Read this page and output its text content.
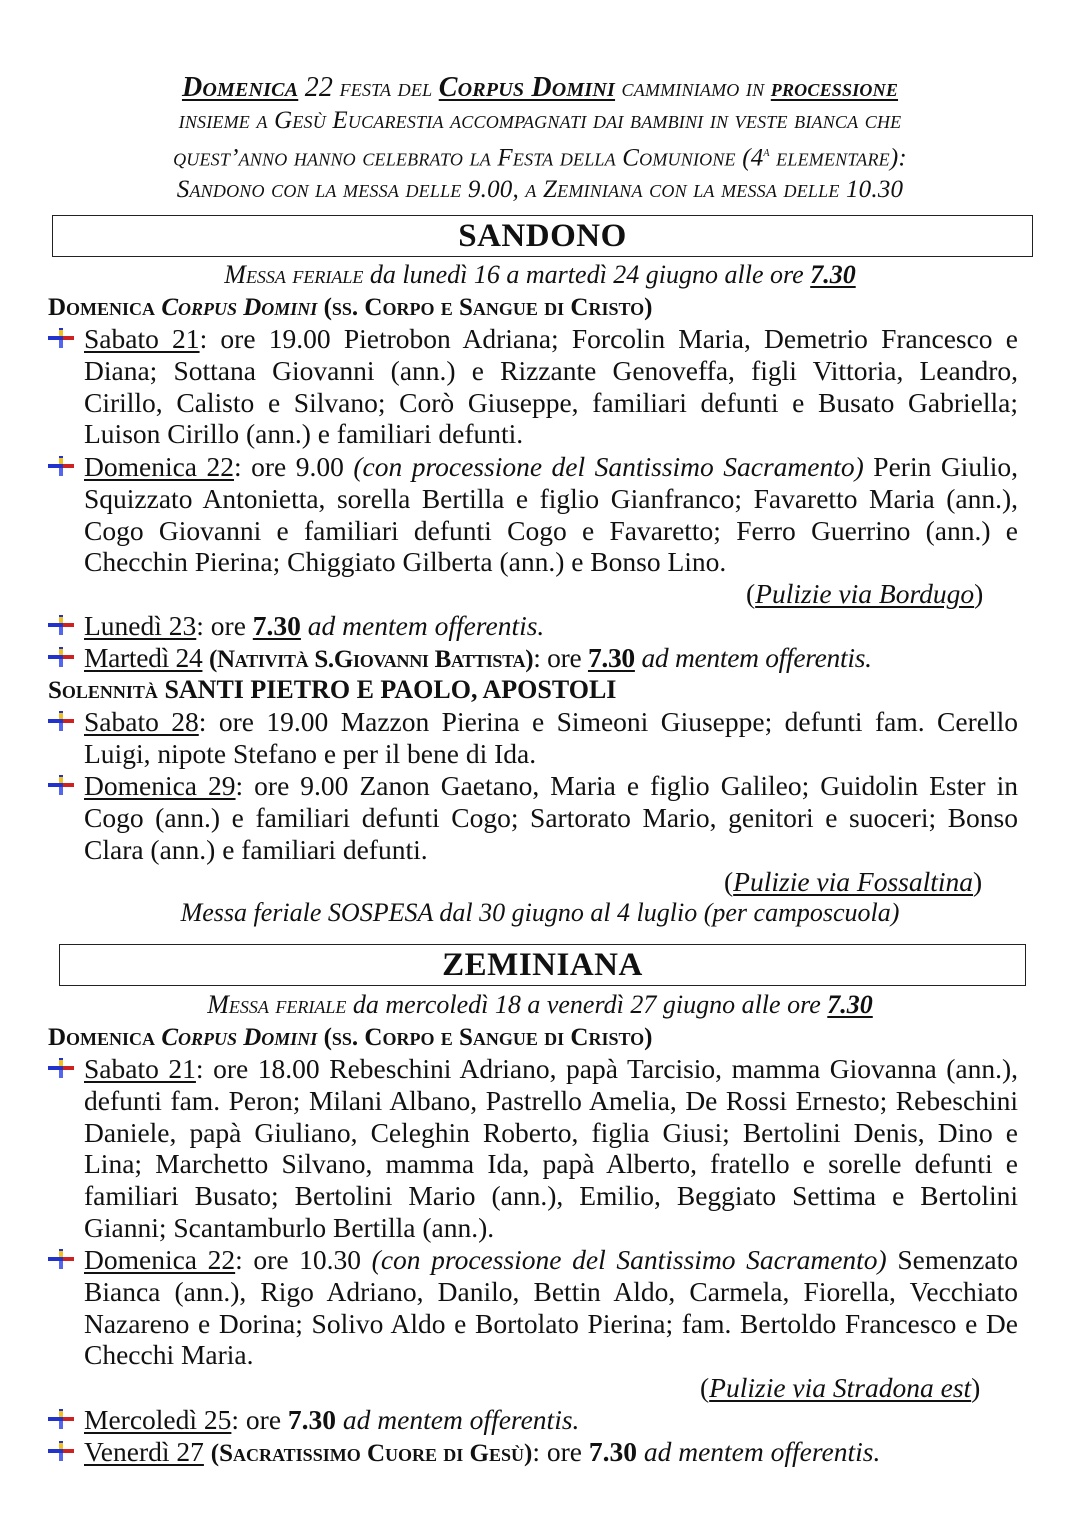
Domenica 22 festa del Corpus Domini camminiamo in processione
insieme a Gesù Eucarestia accompagnati dai bambini in veste bianca che
quest’anno hanno celebrato la Festa della Comunione (4$^a$ elementare):
Sandono con la messa delle 9.00, a Zeminiana con la messa delle 10.30
SANDONO
Messa feriale da lunedì 16 a martedì 24 giugno alle ore 7.30
Domenica Corpus Domini (ss. Corpo e Sangue di Cristo)
Sabato 21: ore 19.00 Pietrobon Adriana; Forcolin Maria, Demetrio Francesco e Diana; Sottana Giovanni (ann.) e Rizzante Genoveffa, figli Vittoria, Leandro, Cirillo, Calisto e Silvano; Corò Giuseppe, familiari defunti e Busato Gabriella; Luison Cirillo (ann.) e familiari defunti.
Domenica 22: ore 9.00 (con processione del Santissimo Sacramento) Perin Giulio, Squizzato Antonietta, sorella Bertilla e figlio Gianfranco; Favaretto Maria (ann.), Cogo Giovanni e familiari defunti Cogo e Favaretto; Ferro Guerrino (ann.) e Checchin Pierina; Chiggiato Gilberta (ann.) e Bonso Lino.
(Pulizie via Bordugo)
Lunedì 23: ore 7.30 ad mentem offerentis.
Martedì 24 (Natività S.Giovanni Battista): ore 7.30 ad mentem offerentis.
Solennità SANTI PIETRO E PAOLO, APOSTOLI
Sabato 28: ore 19.00 Mazzon Pierina e Simeoni Giuseppe; defunti fam. Cerello Luigi, nipote Stefano e per il bene di Ida.
Domenica 29: ore 9.00 Zanon Gaetano, Maria e figlio Galileo; Guidolin Ester in Cogo (ann.) e familiari defunti Cogo; Sartorato Mario, genitori e suoceri; Bonso Clara (ann.) e familiari defunti.
(Pulizie via Fossaltina)
Messa feriale SOSPESA dal 30 giugno al 4 luglio (per camposcuola)
ZEMINIANA
Messa feriale da mercoledì 18 a venerdì 27 giugno alle ore 7.30
Domenica Corpus Domini (ss. Corpo e Sangue di Cristo)
Sabato 21: ore 18.00 Rebeschini Adriano, papà Tarcisio, mamma Giovanna (ann.), defunti fam. Peron; Milani Albano, Pastrello Amelia, De Rossi Ernesto; Rebeschini Daniele, papà Giuliano, Celeghin Roberto, figlia Giusi; Bertolini Denis, Dino e Lina; Marchetto Silvano, mamma Ida, papà Alberto, fratello e sorelle defunti e familiari Busato; Bertolini Mario (ann.), Emilio, Beggiato Settima e Bertolini Gianni; Scantamburlo Bertilla (ann.).
Domenica 22: ore 10.30 (con processione del Santissimo Sacramento) Semenzato Bianca (ann.), Rigo Adriano, Danilo, Bettin Aldo, Carmela, Fiorella, Vecchiato Nazareno e Dorina; Solivo Aldo e Bortolato Pierina; fam. Bertoldo Francesco e De Checchi Maria.
(Pulizie via Stradona est)
Mercoledì 25: ore 7.30 ad mentem offerentis.
Venerdì 27 (Sacratissimo Cuore di Gesù): ore 7.30 ad mentem offerentis.
